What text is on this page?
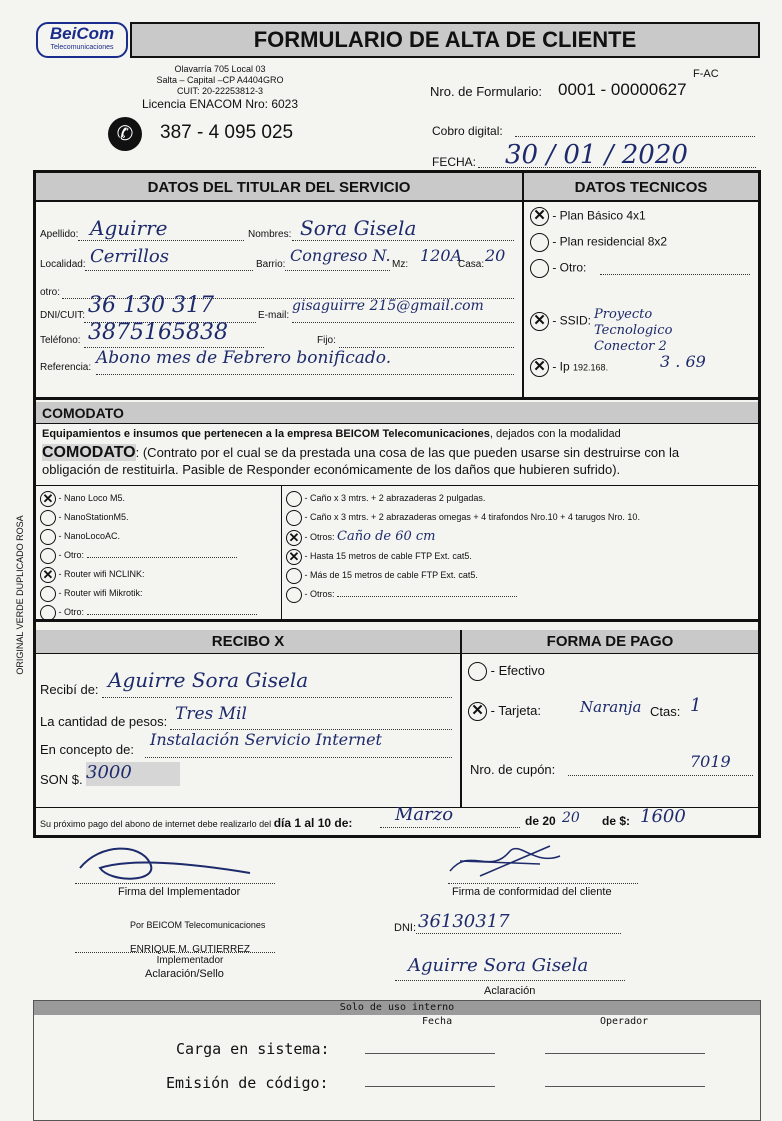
BeiCom
Telecomunicaciones	FORMULARIO DE ALTA DE CLIENTE
Olavarría 705 Local 03
Salta – Capital –CP A4404GRO
CUIT: 20-22253812-3
Licencia ENACOM Nro: 6023
✆	387 - 4 095 025
F-AC
Nro. de Formulario: 0001 - 00000627
Cobro digital:
FECHA: 30 / 01 / 2020
DATOS DEL TITULAR DEL SERVICIO	DATOS TECNICOS
Apellido: Aguirre	Nombres: Sora Gisela
Localidad: Cerrillos	Barrio: Congreso N. Mz: 120A
Casa: 20
otro:
DNI/CUIT: 36 130 317	E-mail:
gisaguirre 215@gmail.com
Teléfono: 3875165838	Fijo:
Referencia: Abono mes de Febrero bonificado.
✕ - Plan Básico 4x1
- Plan residencial 8x2
- Otro:
✕ - SSID: Proyecto Tecnologico Conector 2
✕ - Ip 192.168.	3 . 69
COMODATO
Equipamientos e insumos que pertenecen a la empresa BEICOM Telecomunicaciones, dejados con la modalidad
COMODATO: (Contrato por el cual se da prestada una cosa de las que pueden usarse sin destruirse con la
obligación de restituirla. Pasible de Responder económicamente de los daños que hubieren sufrido).
✕ - Nano Loco M5.
- NanoStationM5.
- NanoLocoAC.
- Otro:
✕ - Router wifi NCLINK:
- Router wifi Mikrotik:
- Otro:
- Caño x 3 mtrs. + 2 abrazaderas 2 pulgadas.
- Caño x 3 mtrs. + 2 abrazaderas omegas + 4 tirafondos Nro.10 + 4 tarugos Nro. 10.
✕ - Otros: Caño de 60 cm
✕ - Hasta 15 metros de cable FTP Ext. cat5.
- Más de 15 metros de cable FTP Ext. cat5.
- Otros:
RECIBO X	FORMA DE PAGO
Recibí de: Aguirre Sora Gisela
La cantidad de pesos: Tres Mil
En concepto de:
Instalación Servicio Internet
SON $. 3000
- Efectivo
✕ - Tarjeta:	Naranja Ctas: 1
Nro. de cupón:	7019
Su próximo pago del abono de internet debe realizarlo del día 1 al 10 de: Marzo	de 20 20 de $: 1600
Firma del Implementador
Por BEICOM Telecomunicaciones
ENRIQUE M. GUTIERREZ
Implementador
Aclaración/Sello
Firma de conformidad del cliente
DNI: 36130317
Aguirre Sora Gisela
Aclaración
Solo de uso interno
Fecha	Operador
Carga en sistema:
Emisión de código:
ORIGINAL VERDE DUPLICADO ROSA
